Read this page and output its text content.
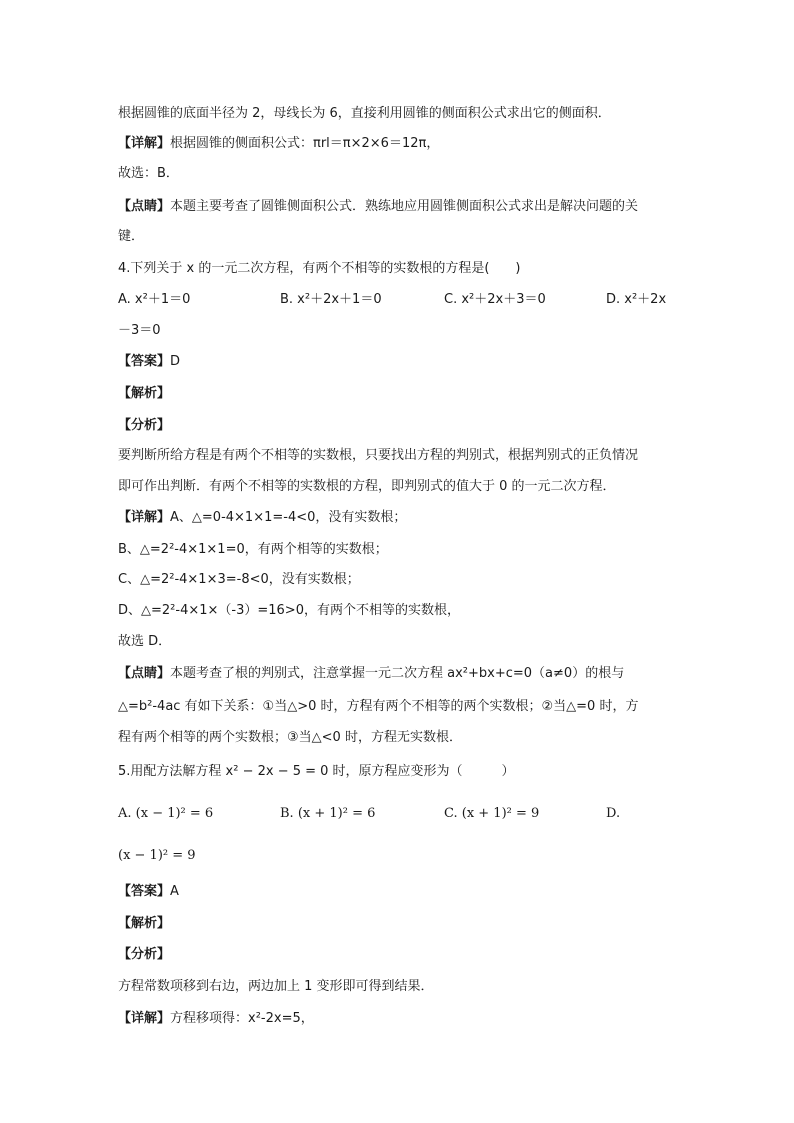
根据圆锥的底面半径为 2，母线长为 6，直接利用圆锥的侧面积公式求出它的侧面积．
【详解】根据圆锥的侧面积公式：πrl＝π×2×6＝12π，
故选：B．
【点睛】本题主要考查了圆锥侧面积公式．熟练地应用圆锥侧面积公式求出是解决问题的关
键．
4.下列关于 x 的一元二次方程，有两个不相等的实数根的方程是(　　)
A. x²＋1＝0	B. x²＋2x＋1＝0	C. x²＋2x＋3＝0	D. x²＋2x
－3＝0
【答案】D
【解析】
【分析】
要判断所给方程是有两个不相等的实数根，只要找出方程的判别式，根据判别式的正负情况
即可作出判断．有两个不相等的实数根的方程，即判别式的值大于 0 的一元二次方程．
【详解】A、△=0-4×1×1=-4<0，没有实数根；
B、△=2²-4×1×1=0，有两个相等的实数根；
C、△=2²-4×1×3=-8<0，没有实数根；
D、△=2²-4×1×（-3）=16>0，有两个不相等的实数根，
故选 D．
【点睛】本题考查了根的判别式，注意掌握一元二次方程 ax²+bx+c=0（a≠0）的根与
△=b²-4ac 有如下关系：①当△>0 时，方程有两个不相等的两个实数根；②当△=0 时，方
程有两个相等的两个实数根；③当△<0 时，方程无实数根．
5.用配方法解方程 x² − 2x − 5 = 0 时，原方程应变形为（　　　）
A. (x − 1)² = 6	B. (x + 1)² = 6	C. (x + 1)² = 9	D.
(x − 1)² = 9
【答案】A
【解析】
【分析】
方程常数项移到右边，两边加上 1 变形即可得到结果．
【详解】方程移项得：x²-2x=5，
